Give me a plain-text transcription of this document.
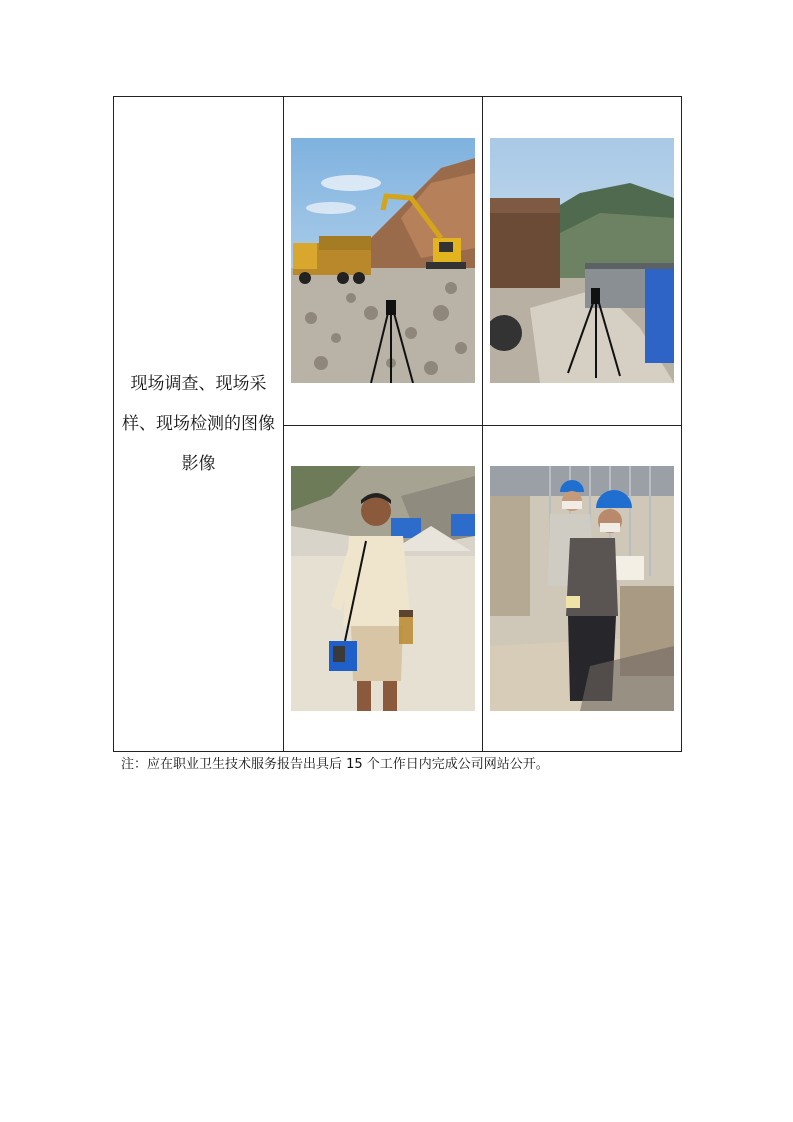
现场调查、现场采样、现场检测的图像影像
注：应在职业卫生技术服务报告出具后 15 个工作日内完成公司网站公开。
